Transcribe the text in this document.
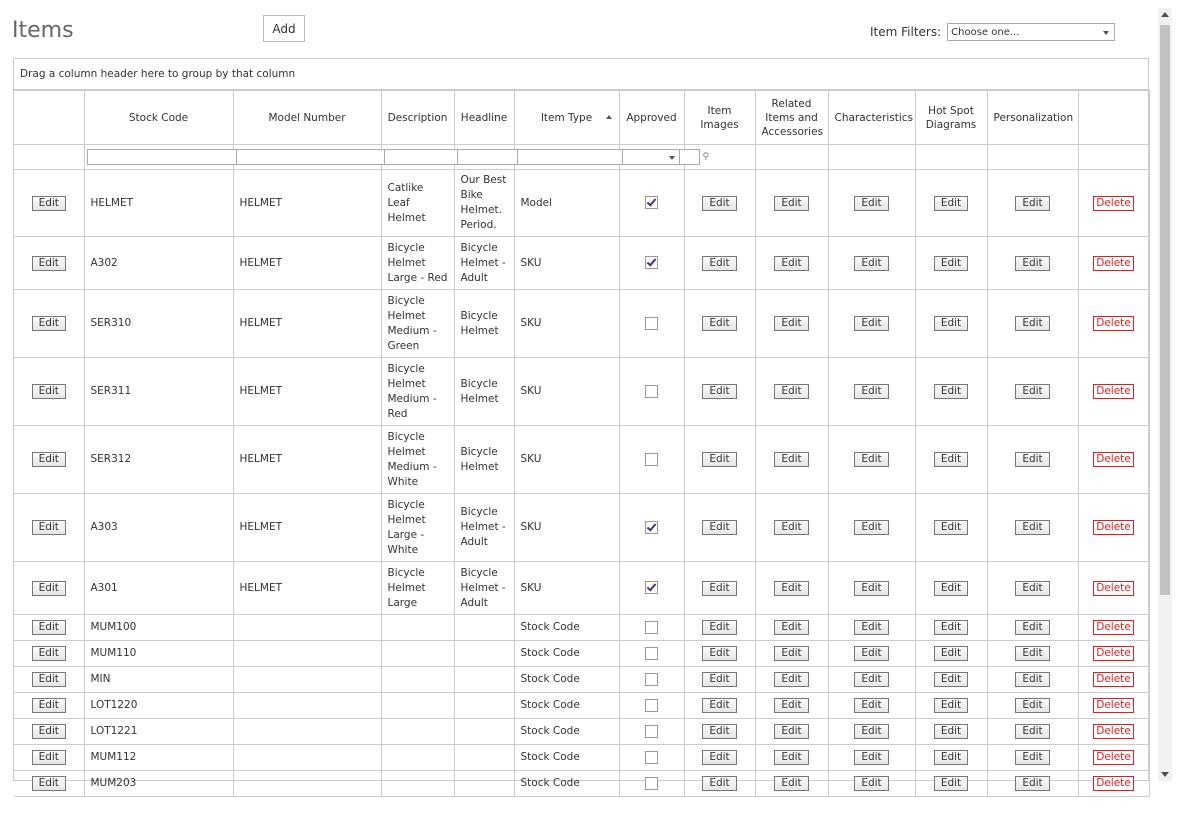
Items	Add	Item Filters:	Choose one...
Drag a column header here to group by that column
	Stock Code	Model Number	Description	Headline	Item Type	Approved	Item Images	Related Items and Accessories	Characteristics	Hot Spot Diagrams	Personalization	

⚲							

Edit	HELMET	HELMET	Catlike Leaf Helmet	Our Best Bike Helmet. Period.	Model		Edit	Edit	Edit	Edit	Edit	Delete
Edit	A302	HELMET	Bicycle Helmet Large - Red	Bicycle Helmet - Adult	SKU		Edit	Edit	Edit	Edit	Edit	Delete
Edit	SER310	HELMET	Bicycle Helmet Medium - Green	Bicycle Helmet	SKU		Edit	Edit	Edit	Edit	Edit	Delete
Edit	SER311	HELMET	Bicycle Helmet Medium - Red	Bicycle Helmet	SKU		Edit	Edit	Edit	Edit	Edit	Delete
Edit	SER312	HELMET	Bicycle Helmet Medium - White	Bicycle Helmet	SKU		Edit	Edit	Edit	Edit	Edit	Delete
Edit	A303	HELMET	Bicycle Helmet Large - White	Bicycle Helmet - Adult	SKU		Edit	Edit	Edit	Edit	Edit	Delete
Edit	A301	HELMET	Bicycle Helmet Large	Bicycle Helmet - Adult	SKU		Edit	Edit	Edit	Edit	Edit	Delete
Edit	MUM100				Stock Code		Edit	Edit	Edit	Edit	Edit	Delete
Edit	MUM110				Stock Code		Edit	Edit	Edit	Edit	Edit	Delete
Edit	MIN				Stock Code		Edit	Edit	Edit	Edit	Edit	Delete
Edit	LOT1220				Stock Code		Edit	Edit	Edit	Edit	Edit	Delete
Edit	LOT1221				Stock Code		Edit	Edit	Edit	Edit	Edit	Delete
Edit	MUM112				Stock Code		Edit	Edit	Edit	Edit	Edit	Delete
Edit	MUM203				Stock Code		Edit	Edit	Edit	Edit	Edit	Delete
